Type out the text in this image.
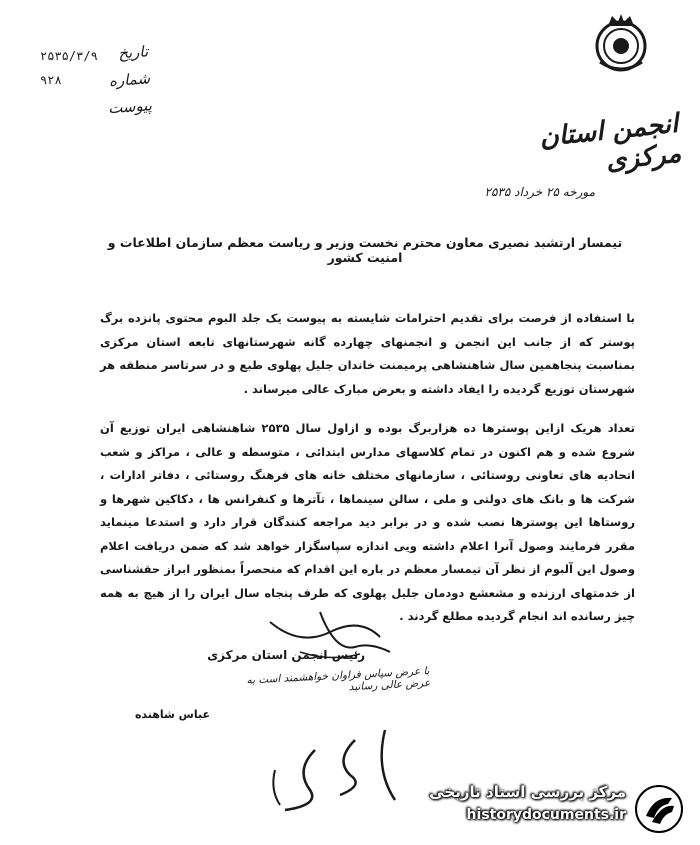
تاریخ
شماره
پیوست
۲۵۳۵/۳/۹
۹۲۸
انجمن استان مرکزی
مورخه ۲۵ خرداد ۲۵۳۵
تیمسار ارتشبد نصیری معاون محترم نخست وزیر و ریاست معظم سازمان اطلاعات و امنیت کشور

با استفاده از فرصت برای تقدیم احترامات شایسته به پیوست یک جلد البوم محتوی پانزده برگ پوستر که از جانب این انجمن و انجمنهای چهارده گانه شهرستانهای تابعه استان مرکزی بمناسبت پنجاهمین سال شاهنشاهی پرمیمنت خاندان جلیل پهلوی طبع و در سرتاسر منطقه هر شهرستان توزیع گردیده را ایفاد داشته و بعرض مبارک عالی میرساند .

تعداد هریک ازاین پوسترها ده هزاربرگ بوده و ازاول سال ۲۵۳۵ شاهنشاهی ایران توزیع آن شروع شده و هم اکنون در تمام کلاسهای مدارس ابتدائی ، متوسطه و عالی ، مراکز و شعب اتحادیه های تعاونی روستائی ، سازمانهای مختلف خانه های فرهنگ روستائی ، دفاتر ادارات ، شرکت ها و بانک های دولتی و ملی ، سالن سینماها ، تآترها و کنفرانس ها ، دکاکین شهرها و روستاها این پوسترها نصب شده و در برابر دید مراجعه کنندگان قرار دارد و استدعا مینماید مقرر فرمایند وصول آنرا اعلام داشته ویی اندازه سپاسگزار خواهد شد که ضمن دریافت اعلام وصول این آلبوم از نظر آن تیمسار معظم در باره این اقدام که منحصراً بمنظور ابراز حقشناسی از خدمتهای ارزنده و مشعشع دودمان جلیل پهلوی که طرف پنجاه سال ایران را از هیچ به همه چیز رسانده اند انجام گردیده مطلع گردند .

رئیس انجمن استان مرکزی
با عرض سپاس فراوان خواهشمند است به عرض عالی رسانید
عباس شاهنده
مرکز بررسی اسناد تاریخی
historydocuments.ir
